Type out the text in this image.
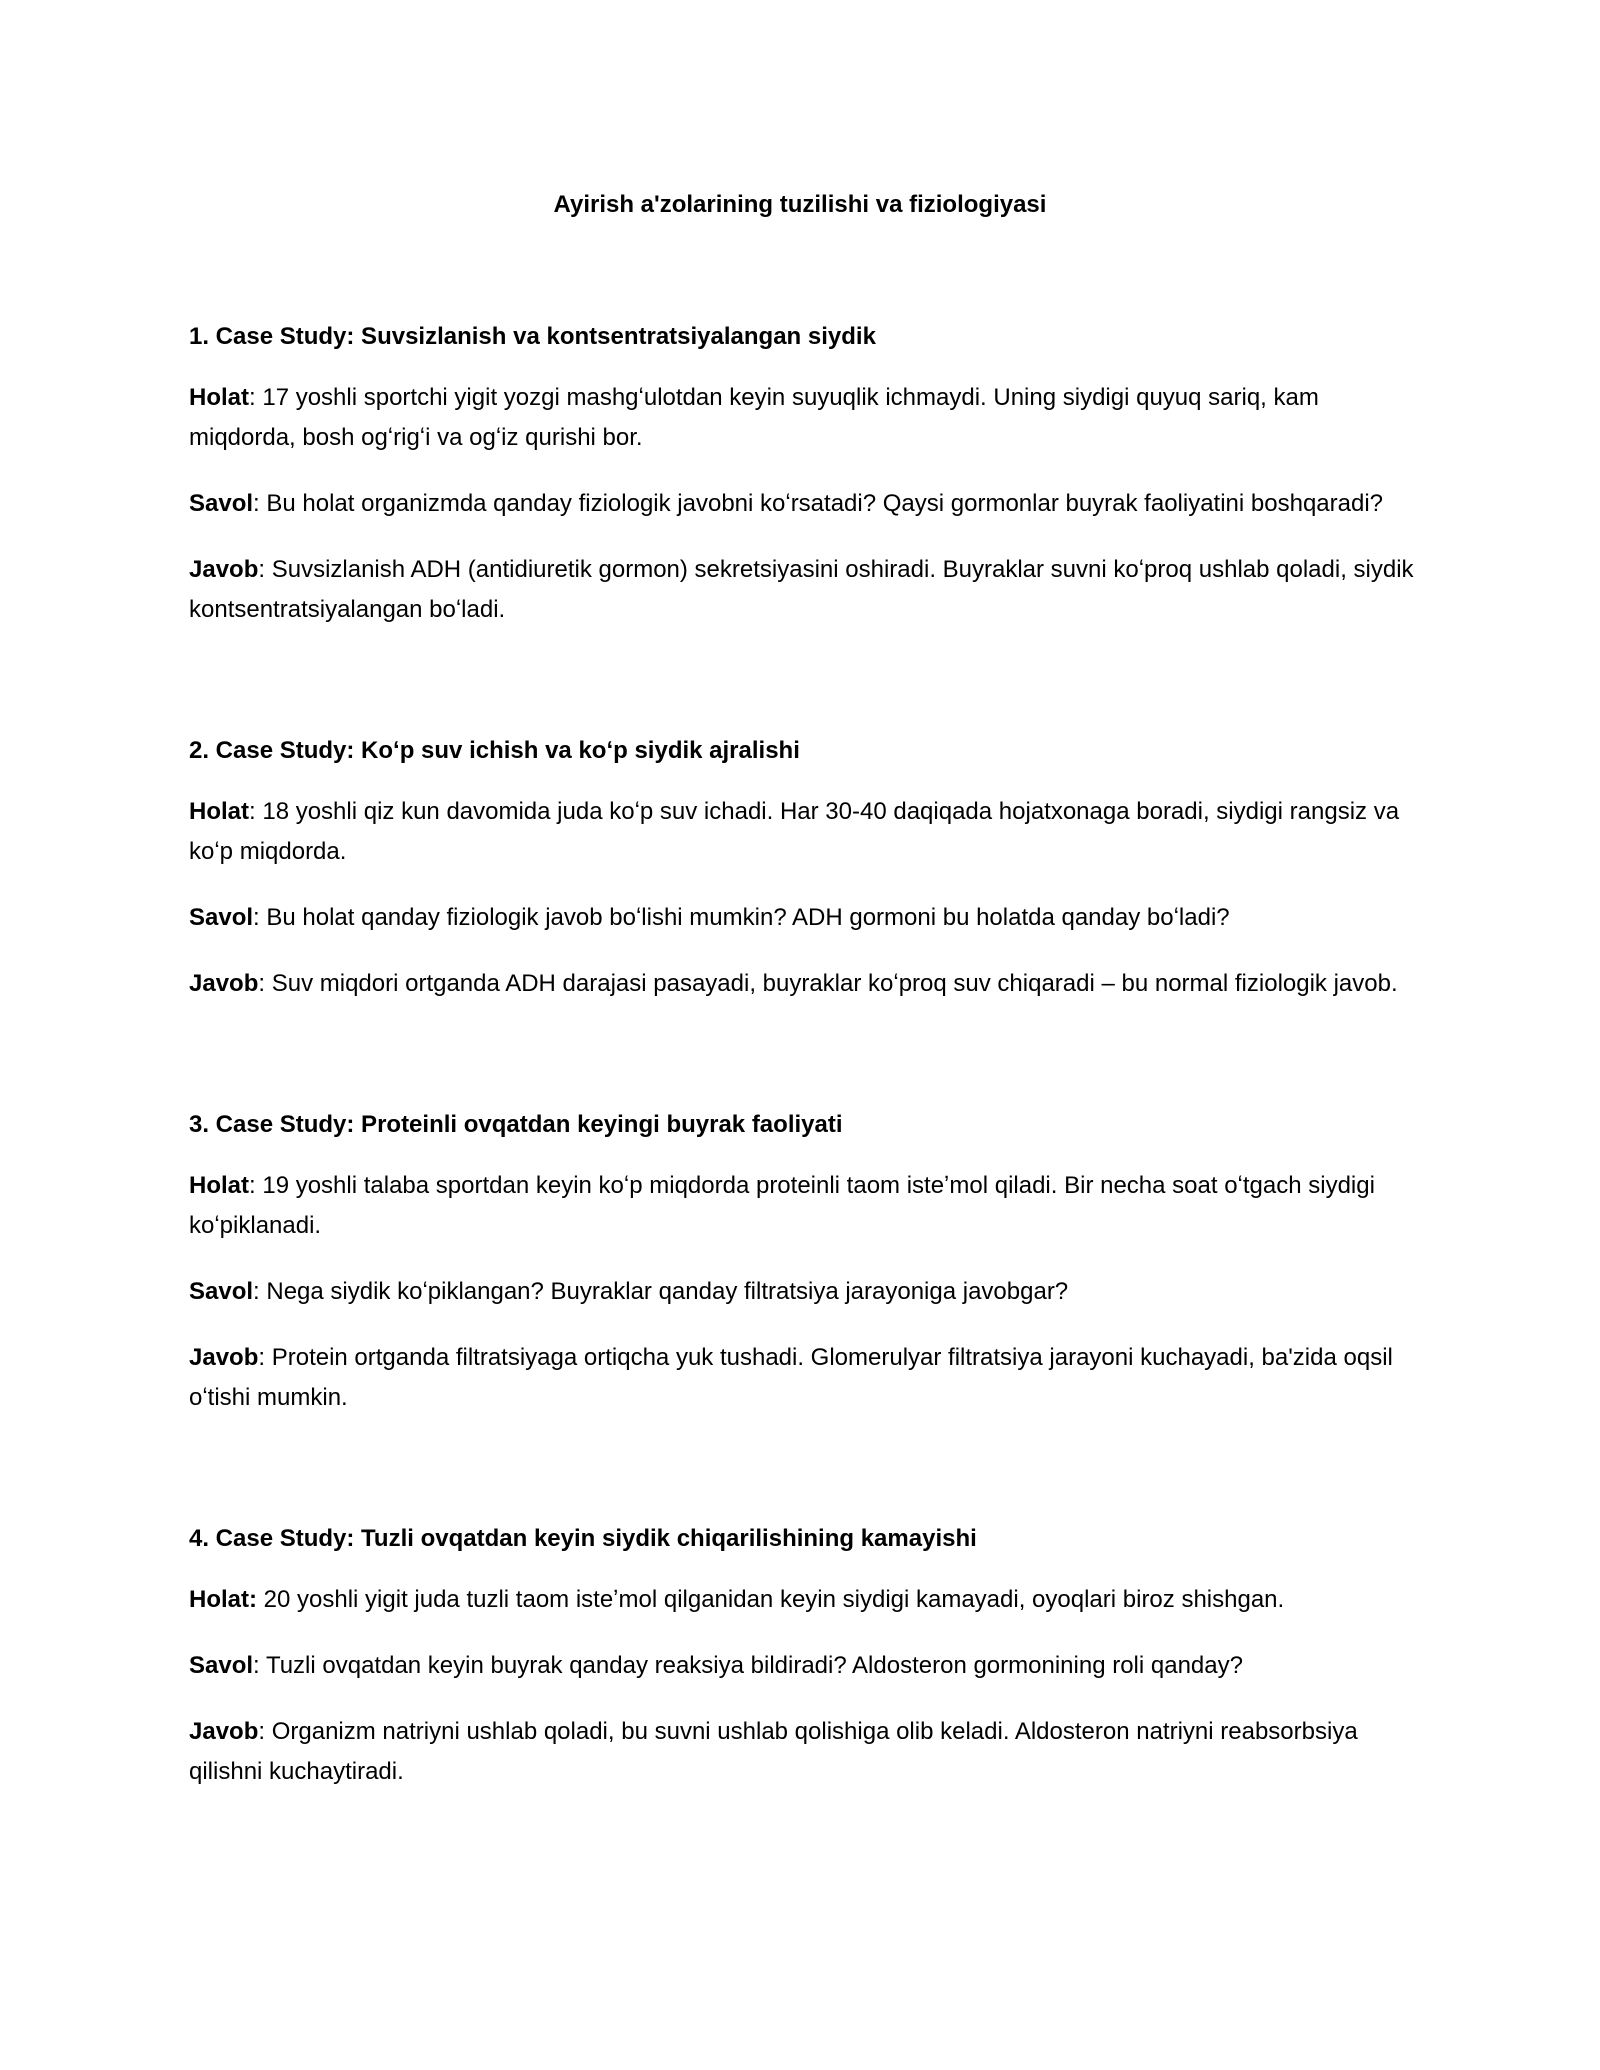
Ayirish a'zolarining tuzilishi va fiziologiyasi

1. Case Study: Suvsizlanish va kontsentratsiyalangan siydik

Holat: 17 yoshli sportchi yigit yozgi mashgʻulotdan keyin suyuqlik ichmaydi. Uning siydigi quyuq sariq, kam miqdorda, bosh ogʻrigʻi va ogʻiz qurishi bor.

Savol: Bu holat organizmda qanday fiziologik javobni koʻrsatadi? Qaysi gormonlar buyrak faoliyatini boshqaradi?

Javob: Suvsizlanish ADH (antidiuretik gormon) sekretsiyasini oshiradi. Buyraklar suvni koʻproq ushlab qoladi, siydik kontsentratsiyalangan boʻladi.

2. Case Study: Koʻp suv ichish va koʻp siydik ajralishi

Holat: 18 yoshli qiz kun davomida juda koʻp suv ichadi. Har 30-40 daqiqada hojatxonaga boradi, siydigi rangsiz va koʻp miqdorda.

Savol: Bu holat qanday fiziologik javob boʻlishi mumkin? ADH gormoni bu holatda qanday boʻladi?

Javob: Suv miqdori ortganda ADH darajasi pasayadi, buyraklar koʻproq suv chiqaradi – bu normal fiziologik javob.

3. Case Study: Proteinli ovqatdan keyingi buyrak faoliyati

Holat: 19 yoshli talaba sportdan keyin koʻp miqdorda proteinli taom isteʼmol qiladi. Bir necha soat oʻtgach siydigi koʻpiklanadi.

Savol: Nega siydik koʻpiklangan? Buyraklar qanday filtratsiya jarayoniga javobgar?

Javob: Protein ortganda filtratsiyaga ortiqcha yuk tushadi. Glomerulyar filtratsiya jarayoni kuchayadi, ba'zida oqsil oʻtishi mumkin.

4. Case Study: Tuzli ovqatdan keyin siydik chiqarilishining kamayishi

Holat: 20 yoshli yigit juda tuzli taom isteʼmol qilganidan keyin siydigi kamayadi, oyoqlari biroz shishgan.

Savol: Tuzli ovqatdan keyin buyrak qanday reaksiya bildiradi? Aldosteron gormonining roli qanday?

Javob: Organizm natriyni ushlab qoladi, bu suvni ushlab qolishiga olib keladi. Aldosteron natriyni reabsorbsiya qilishni kuchaytiradi.
